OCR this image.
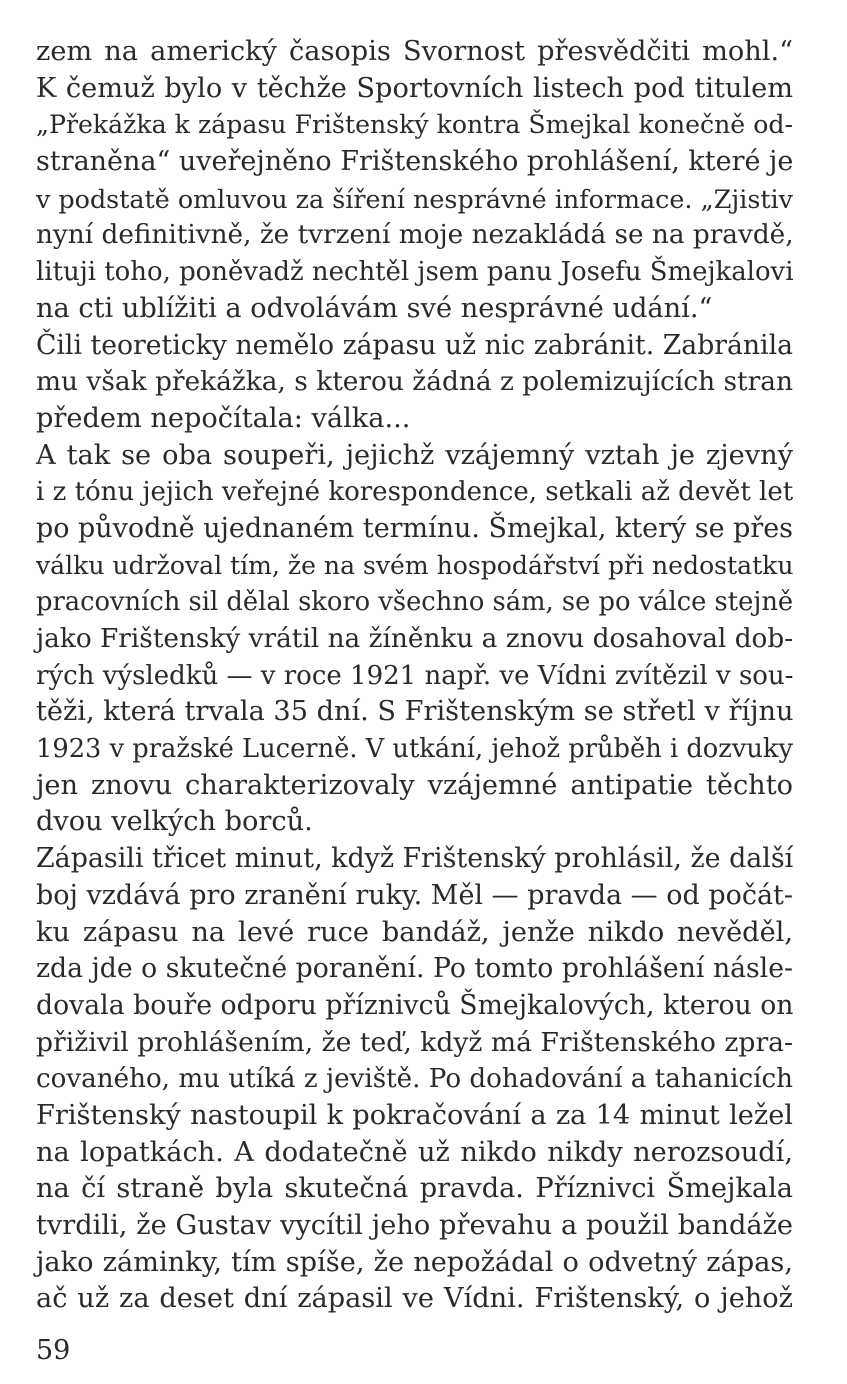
zem na americký časopis Svornost přesvědčiti mohl.“
K čemuž bylo v těchže Sportovních listech pod titulem
„Překážka k zápasu Frištenský kontra Šmejkal konečně od-
straněna“ uveřejněno Frištenského prohlášení, které je
v podstatě omluvou za šíření nesprávné informace. „Zjistiv
nyní definitivně, že tvrzení moje nezakládá se na pravdě,
lituji toho, poněvadž nechtěl jsem panu Josefu Šmejkalovi
na cti ublížiti a odvolávám své nesprávné udání.“
Čili teoreticky nemělo zápasu už nic zabránit. Zabránila
mu však překážka, s kterou žádná z polemizujících stran
předem nepočítala: válka...
A tak se oba soupeři, jejichž vzájemný vztah je zjevný
i z tónu jejich veřejné korespondence, setkali až devět let
po původně ujednaném termínu. Šmejkal, který se přes
válku udržoval tím, že na svém hospodářství při nedostatku
pracovních sil dělal skoro všechno sám, se po válce stejně
jako Frištenský vrátil na žíněnku a znovu dosahoval dob-
rých výsledků — v roce 1921 např. ve Vídni zvítězil v sou-
těži, která trvala 35 dní. S Frištenským se střetl v říjnu
1923 v pražské Lucerně. V utkání, jehož průběh i dozvuky
jen znovu charakterizovaly vzájemné antipatie těchto
dvou velkých borců.
Zápasili třicet minut, když Frištenský prohlásil, že další
boj vzdává pro zranění ruky. Měl — pravda — od počát-
ku zápasu na levé ruce bandáž, jenže nikdo nevěděl,
zda jde o skutečné poranění. Po tomto prohlášení násle-
dovala bouře odporu příznivců Šmejkalových, kterou on
přiživil prohlášením, že teď, když má Frištenského zpra-
covaného, mu utíká z jeviště. Po dohadování a tahanicích
Frištenský nastoupil k pokračování a za 14 minut ležel
na lopatkách. A dodatečně už nikdo nikdy nerozsoudí,
na čí straně byla skutečná pravda. Příznivci Šmejkala
tvrdili, že Gustav vycítil jeho převahu a použil bandáže
jako záminky, tím spíše, že nepožádal o odvetný zápas,
ač už za deset dní zápasil ve Vídni. Frištenský, o jehož
59
